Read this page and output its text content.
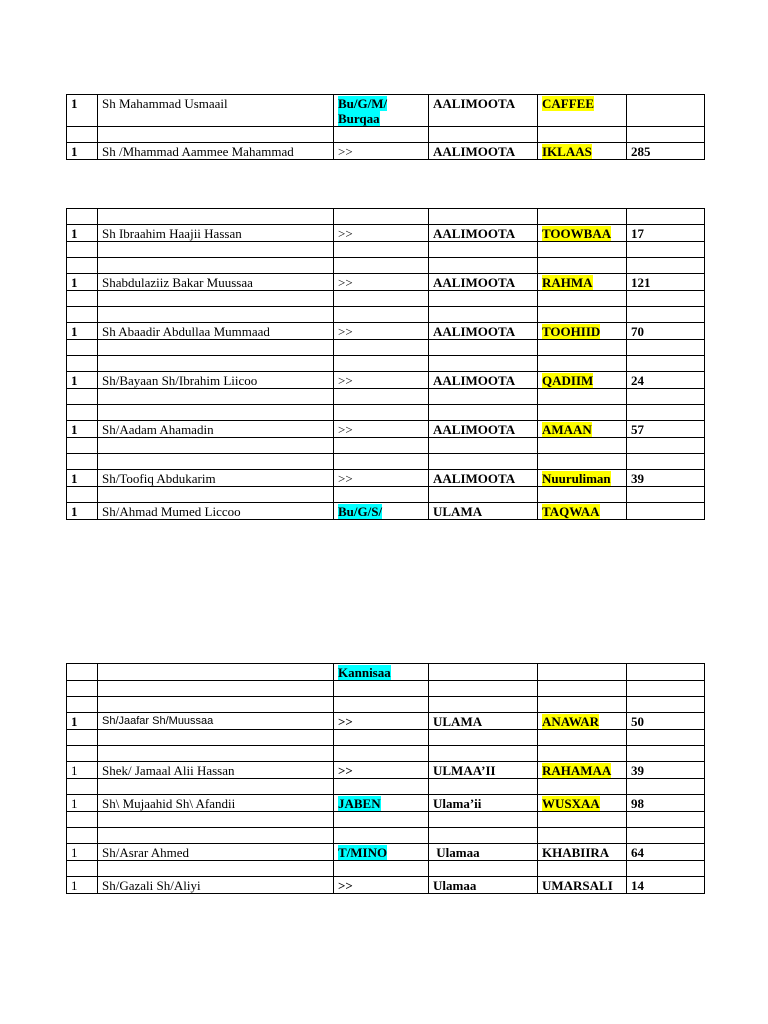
1	Sh Mahammad Usmaail	Bu/G/M/ Burqaa	AALIMOOTA	CAFFEE	

1	Sh /Mhammad Aammee Mahammad	>>	AALIMOOTA	IKLAAS	285

1	Sh Ibraahim Haajii Hassan	>>	AALIMOOTA	TOOWBAA	17

1	Shabdulaziiz Bakar Muussaa	>>	AALIMOOTA	RAHMA	121

1	Sh Abaadir Abdullaa Mummaad	>>	AALIMOOTA	TOOHIID	70

1	Sh/Bayaan Sh/Ibrahim Liicoo	>>	AALIMOOTA	QADIIM	24

1	Sh/Aadam Ahamadin	>>	AALIMOOTA	AMAAN	57

1	Sh/Toofiq Abdukarim	>>	AALIMOOTA	Nuuruliman	39

1	Sh/Ahmad Mumed Liccoo	Bu/G/S/	ULAMA	TAQWAA	
		Kannisaa			

1	Sh/Jaafar Sh/Muussaa	>>	ULAMA	ANAWAR	50

1	Shek/ Jamaal Alii Hassan	>>	ULMAA’II	RAHAMAA	39

1	Sh\ Mujaahid Sh\ Afandii	JABEN	Ulama’ii	WUSXAA	98

1	Sh/Asrar Ahmed	T/MINO	Ulamaa	KHABIIRA	64

1	Sh/Gazali Sh/Aliyi	>>	Ulamaa	UMARSALI	14
